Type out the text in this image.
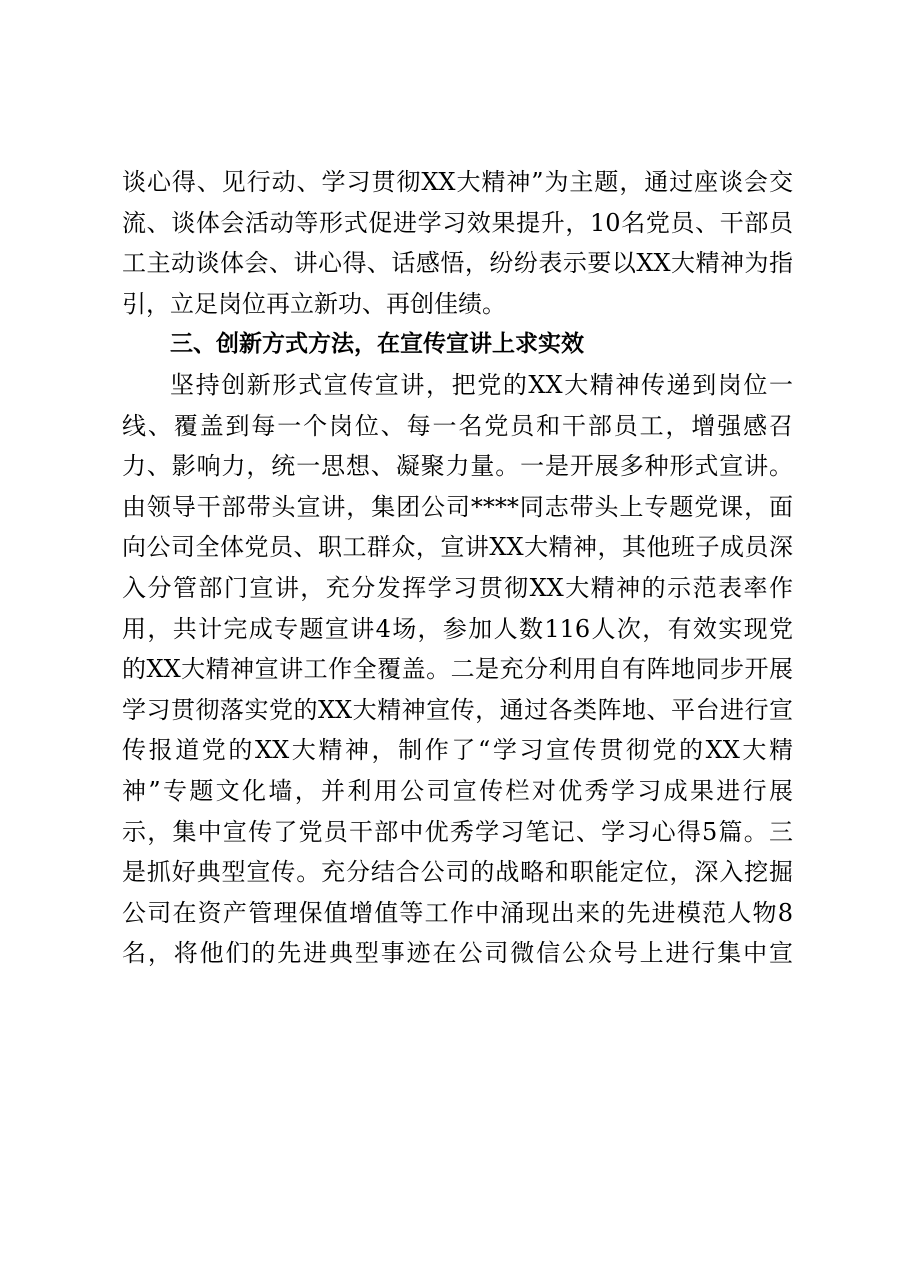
谈心得、见行动、学习贯彻XX大精神”为主题，通过座谈会交
流、谈体会活动等形式促进学习效果提升，10名党员、干部员
工主动谈体会、讲心得、话感悟，纷纷表示要以XX大精神为指
引，立足岗位再立新功、再创佳绩。
三、创新方式方法，在宣传宣讲上求实效
坚持创新形式宣传宣讲，把党的XX大精神传递到岗位一
线、覆盖到每一个岗位、每一名党员和干部员工，增强感召
力、影响力，统一思想、凝聚力量。一是开展多种形式宣讲。
由领导干部带头宣讲，集团公司****同志带头上专题党课，面
向公司全体党员、职工群众，宣讲XX大精神，其他班子成员深
入分管部门宣讲，充分发挥学习贯彻XX大精神的示范表率作
用，共计完成专题宣讲4场，参加人数116人次，有效实现党
的XX大精神宣讲工作全覆盖。二是充分利用自有阵地同步开展
学习贯彻落实党的XX大精神宣传，通过各类阵地、平台进行宣
传报道党的XX大精神，制作了“学习宣传贯彻党的XX大精
神”专题文化墙，并利用公司宣传栏对优秀学习成果进行展
示，集中宣传了党员干部中优秀学习笔记、学习心得5篇。三
是抓好典型宣传。充分结合公司的战略和职能定位，深入挖掘
公司在资产管理保值增值等工作中涌现出来的先进模范人物8
名，将他们的先进典型事迹在公司微信公众号上进行集中宣
